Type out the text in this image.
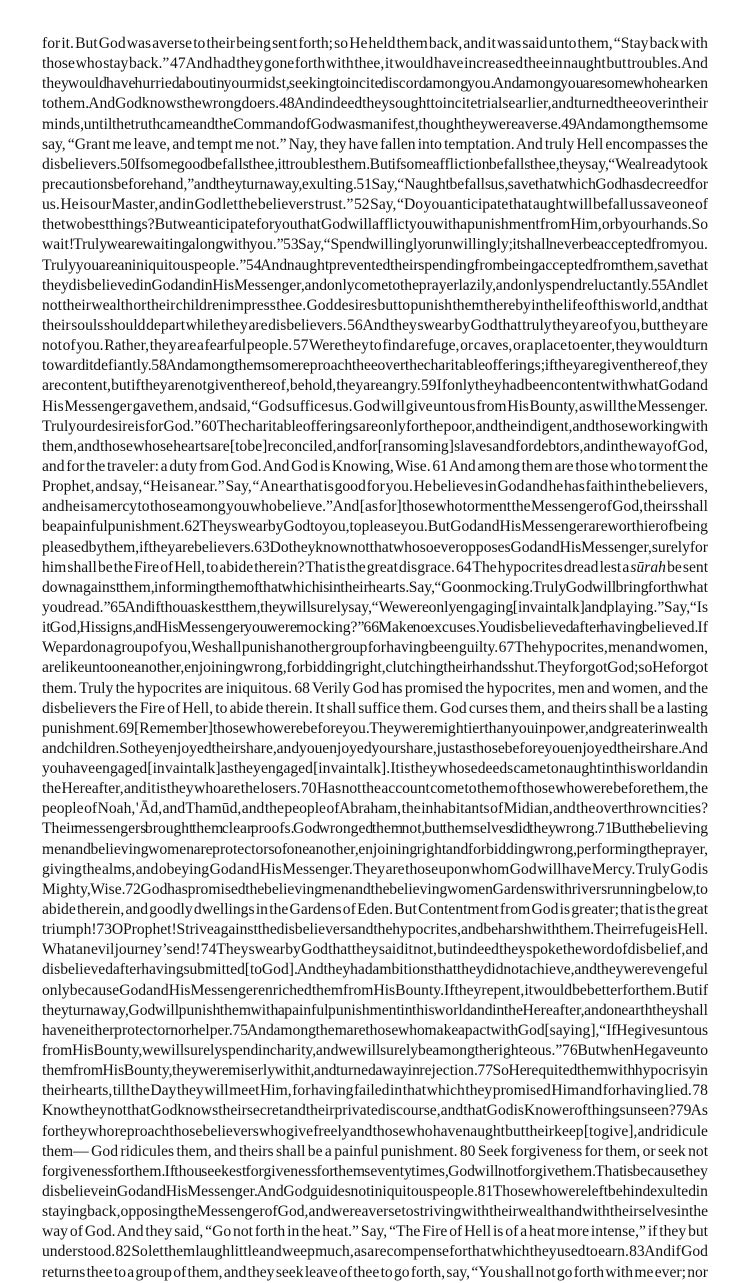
for it. But God was averse to their being sent forth; so He held them back, and it was said unto them, “Stay back with
those who stay back.” 47 And had they gone forth with thee, it would have increased thee in naught but troubles. And
they would have hurried about in your midst, seeking to incite discord among you. And among you are some who hearken
to them. And God knows the wrongdoers. 48 And indeed they sought to incite trials earlier, and turned thee over in their
minds, until the truth came and the Command of God was manifest, though they were averse. 49 And among them some
say, “Grant me leave, and tempt me not.” Nay, they have fallen into temptation. And truly Hell encompasses the
disbelievers. 50 If some good befalls thee, it troubles them. But if some affliction befalls thee, they say, “We already took
precautions beforehand,” and they turn away, exulting. 51 Say, “Naught befalls us, save that which God has decreed for
us. He is our Master, and in God let the believers trust.” 52 Say, “Do you anticipate that aught will befall us save one of
the two best things? But we anticipate for you that God will afflict you with a punishment from Him, or by our hands. So
wait! Truly we are waiting along with you.” 53 Say, “Spend willingly or unwillingly; it shall never be accepted from you.
Truly you are an iniquitous people.” 54 And naught prevented their spending from being accepted from them, save that
they disbelieved in God and in His Messenger, and only come to the prayer lazily, and only spend reluctantly. 55 And let
not their wealth or their children impress thee. God desires but to punish them thereby in the life of this world, and that
their souls should depart while they are disbelievers. 56 And they swear by God that truly they are of you, but they are
not of you. Rather, they are a fearful people. 57 Were they to find a refuge, or caves, or a place to enter, they would turn
toward it defiantly. 58 And among them some reproach thee over the charitable offerings; if they are given thereof, they
are content, but if they are not given thereof, behold, they are angry. 59 If only they had been content with what God and
His Messenger gave them, and said, “God suffices us. God will give unto us from His Bounty, as will the Messenger.
Truly our desire is for God.” 60 The charitable offerings are only for the poor, and the indigent, and those working with
them, and those whose hearts are [to be] reconciled, and for [ransoming] slaves and for debtors, and in the way of God,
and for the traveler: a duty from God. And God is Knowing, Wise. 61 And among them are those who torment the
Prophet, and say, “He is an ear.” Say, “An ear that is good for you. He believes in God and he has faith in the believers,
and he is a mercy to those among you who believe.” And [as for] those who torment the Messenger of God, theirs shall
be a painful punishment. 62 They swear by God to you, to please you. But God and His Messenger are worthier of being
pleased by them, if they are believers. 63 Do they know not that whosoever opposes God and His Messenger, surely for
him shall be the Fire of Hell, to abide therein? That is the great disgrace. 64 The hypocrites dread lest a sūrah be sent
down against them, informing them of that which is in their hearts. Say, “Go on mocking. Truly God will bring forth what
you dread.” 65 And if thou askest them, they will surely say, “We were only engaging [in vain talk] and playing.” Say, “Is
it God, His signs, and His Messenger you were mocking?” 66 Make no excuses. You disbelieved after having believed. If
We pardon a group of you, We shall punish another group for having been guilty. 67 The hypocrites, men and women,
are like unto one another, enjoining wrong, forbidding right, clutching their hands shut. They forgot God; so He forgot
them. Truly the hypocrites are iniquitous. 68 Verily God has promised the hypocrites, men and women, and the
disbelievers the Fire of Hell, to abide therein. It shall suffice them. God curses them, and theirs shall be a lasting
punishment. 69 [Remember] those who were before you. They were mightier than you in power, and greater in wealth
and children. So they enjoyed their share, and you enjoyed your share, just as those before you enjoyed their share. And
you have engaged [in vain talk] as they engaged [in vain talk]. It is they whose deeds came to naught in this world and in
the Hereafter, and it is they who are the losers. 70 Has not the account come to them of those who were before them, the
people of Noah, ' Ād, and Thamūd, and the people of Abraham, the inhabitants of Midian, and the overthrown cities?
Their messengers brought them clear proofs. God wronged them not, but themselves did they wrong. 71 But the believing
men and believing women are protectors of one another, enjoining right and forbidding wrong, performing the prayer,
giving the alms, and obeying God and His Messenger. They are those upon whom God will have Mercy. Truly God is
Mighty, Wise. 72 God has promised the believing men and the believing women Gardens with rivers running below, to
abide therein, and goodly dwellings in the Gardens of Eden. But Contentment from God is greater; that is the great
triumph! 73 O Prophet! Strive against the disbelievers and the hypocrites, and be harsh with them. Their refuge is Hell.
What an evil journey’s end! 74 They swear by God that they said it not, but indeed they spoke the word of disbelief, and
disbelieved after having submitted [to God]. And they had ambitions that they did not achieve, and they were vengeful
only because God and His Messenger enriched them from His Bounty. If they repent, it would be better for them. But if
they turn away, God will punish them with a painful punishment in this world and in the Hereafter, and on earth they shall
have neither protector nor helper. 75 And among them are those who make a pact with God [saying], “If He gives unto us
from His Bounty, we will surely spend in charity, and we will surely be among the righteous.” 76 But when He gave unto
them from His Bounty, they were miserly with it, and turned away in rejection. 77 So He requited them with hypocrisy in
their hearts, till the Day they will meet Him, for having failed in that which they promised Him and for having lied. 78
Know they not that God knows their secret and their private discourse, and that God is Knower of things unseen? 79 As
for they who reproach those believers who give freely and those who have naught but their keep [to give], and ridicule
them— God ridicules them, and theirs shall be a painful punishment. 80 Seek forgiveness for them, or seek not
forgiveness for them. If thou seekest forgiveness for them seventy times, God will not forgive them. That is because they
disbelieve in God and His Messenger. And God guides not iniquitous people. 81 Those who were left behind exulted in
staying back, opposing the Messenger of God, and were averse to striving with their wealth and with their selves in the
way of God. And they said, “Go not forth in the heat.” Say, “The Fire of Hell is of a heat more intense,” if they but
understood. 82 So let them laugh little and weep much, as a recompense for that which they used to earn. 83 And if God
returns thee to a group of them, and they seek leave of thee to go forth, say, “You shall not go forth with me ever; nor
